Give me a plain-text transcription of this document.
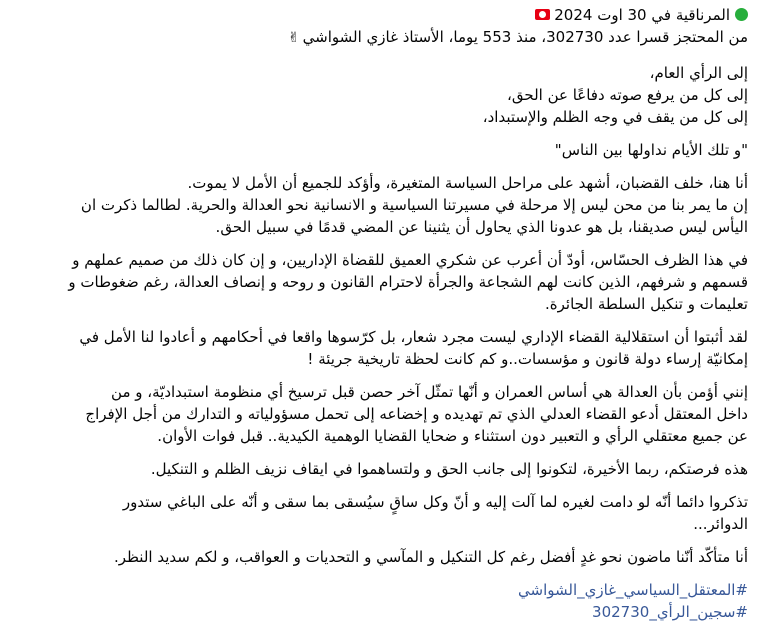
المرناقية في 30 اوت 2024
من المحتجز قسرا عدد 302730، منذ 553 يوما، الأستاذ غازي الشواشي✌
إلى الرأي العام،
إلى كل من يرفع صوته دفاعًا عن الحق،
إلى كل من يقف في وجه الظلم والإستبداد،
"و تلك الأيام نداولها بين الناس"
أنا هنا، خلف القضبان، أشهد على مراحل السياسة المتغيرة، وأؤكد للجميع أن الأمل لا يموت.
إن ما يمر بنا من محن ليس إلا مرحلة في مسيرتنا السياسية و الانسانية نحو العدالة والحرية. لطالما ذكرت ان
اليأس ليس صديقنا، بل هو عدونا الذي يحاول أن يثنينا عن المضي قدمًا في سبيل الحق.
في هذا الظرف الحسّاس، أودّ أن أعرب عن شكري العميق للقضاة الإداريين، و إن كان ذلك من صميم عملهم و
قسمهم و شرفهم، الذين كانت لهم الشجاعة والجرأة لاحترام القانون و روحه و إنصاف العدالة، رغم ضغوطات و
تعليمات و تنكيل السلطة الجائرة.
لقد أثبتوا أن استقلالية القضاء الإداري ليست مجرد شعار، بل كرّسوها واقعا في أحكامهم و أعادوا لنا الأمل في
إمكانيّة إرساء دولة قانون و مؤسسات..و كم كانت لحظة تاريخية جريئة !
إنني أؤمن بأن العدالة هي أساس العمران و أنّها تمثّل آخر حصن قبل ترسيخ أي منظومة استبداديّة، و من
داخل المعتقل أدعو القضاء العدلي الذي تم تهديده و إخضاعه إلى تحمل مسؤولياته و التدارك من أجل الإفراج
عن جميع معتقلي الرأي و التعبير دون استثناء و ضحايا القضايا الوهمية الكيدية.. قبل فوات الأوان.
هذه فرصتكم، ربما الأخيرة، لتكونوا إلى جانب الحق و ولتساهموا في ايقاف نزيف الظلم و التنكيل.
تذكروا دائما أنّه لو دامت لغيره لما آلت إليه و أنّ وكل ساقٍ سيُسقى بما سقى و أنّه على الباغي ستدور
الدوائر...
أنا متأكّد أنّنا ماضون نحو غدٍ أفضل رغم كل التنكيل و المآسي و التحديات و العواقب، و لكم سديد النظر.
#المعتقل_السياسي_غازي_الشواشي
#سجين_الرأي_302730
